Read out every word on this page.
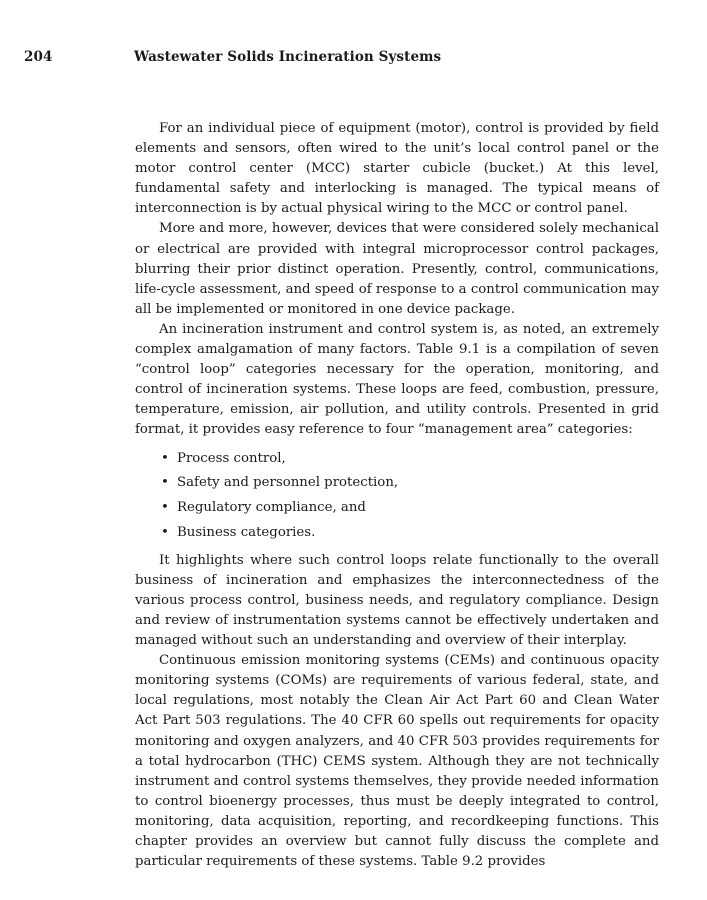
204	Wastewater Solids Incineration Systems

For an individual piece of equipment (motor), control is provided by field elements and sensors, often wired to the unit’s local control panel or the motor control center (MCC) starter cubicle (bucket.) At this level, fundamental safety and interlocking is managed. The typical means of interconnection is by actual physical wiring to the MCC or control panel.

More and more, however, devices that were considered solely mechanical or electrical are provided with integral microprocessor control packages, blurring their prior distinct operation. Presently, control, communications, life-cycle assessment, and speed of response to a control communication may all be implemented or monitored in one device package.

An incineration instrument and control system is, as noted, an extremely complex amalgamation of many factors. Table 9.1 is a compilation of seven “control loop” categories necessary for the operation, monitoring, and control of incineration systems. These loops are feed, combustion, pressure, temperature, emission, air pollution, and utility controls. Presented in grid format, it provides easy reference to four “management area” categories:

• Process control,
• Safety and personnel protection,
• Regulatory compliance, and
• Business categories.

It highlights where such control loops relate functionally to the overall business of incineration and emphasizes the interconnectedness of the various process control, business needs, and regulatory compliance. Design and review of instrumentation systems cannot be effectively undertaken and managed without such an understanding and overview of their interplay.

Continuous emission monitoring systems (CEMs) and continuous opacity monitoring systems (COMs) are requirements of various federal, state, and local regulations, most notably the Clean Air Act Part 60 and Clean Water Act Part 503 regulations. The 40 CFR 60 spells out requirements for opacity monitoring and oxygen analyzers, and 40 CFR 503 provides requirements for a total hydrocarbon (THC) CEMS system. Although they are not technically instrument and control systems themselves, they provide needed information to control bioenergy processes, thus must be deeply integrated to control, monitoring, data acquisition, reporting, and recordkeeping functions. This chapter provides an overview but cannot fully discuss the complete and particular requirements of these systems. Table 9.2 provides
